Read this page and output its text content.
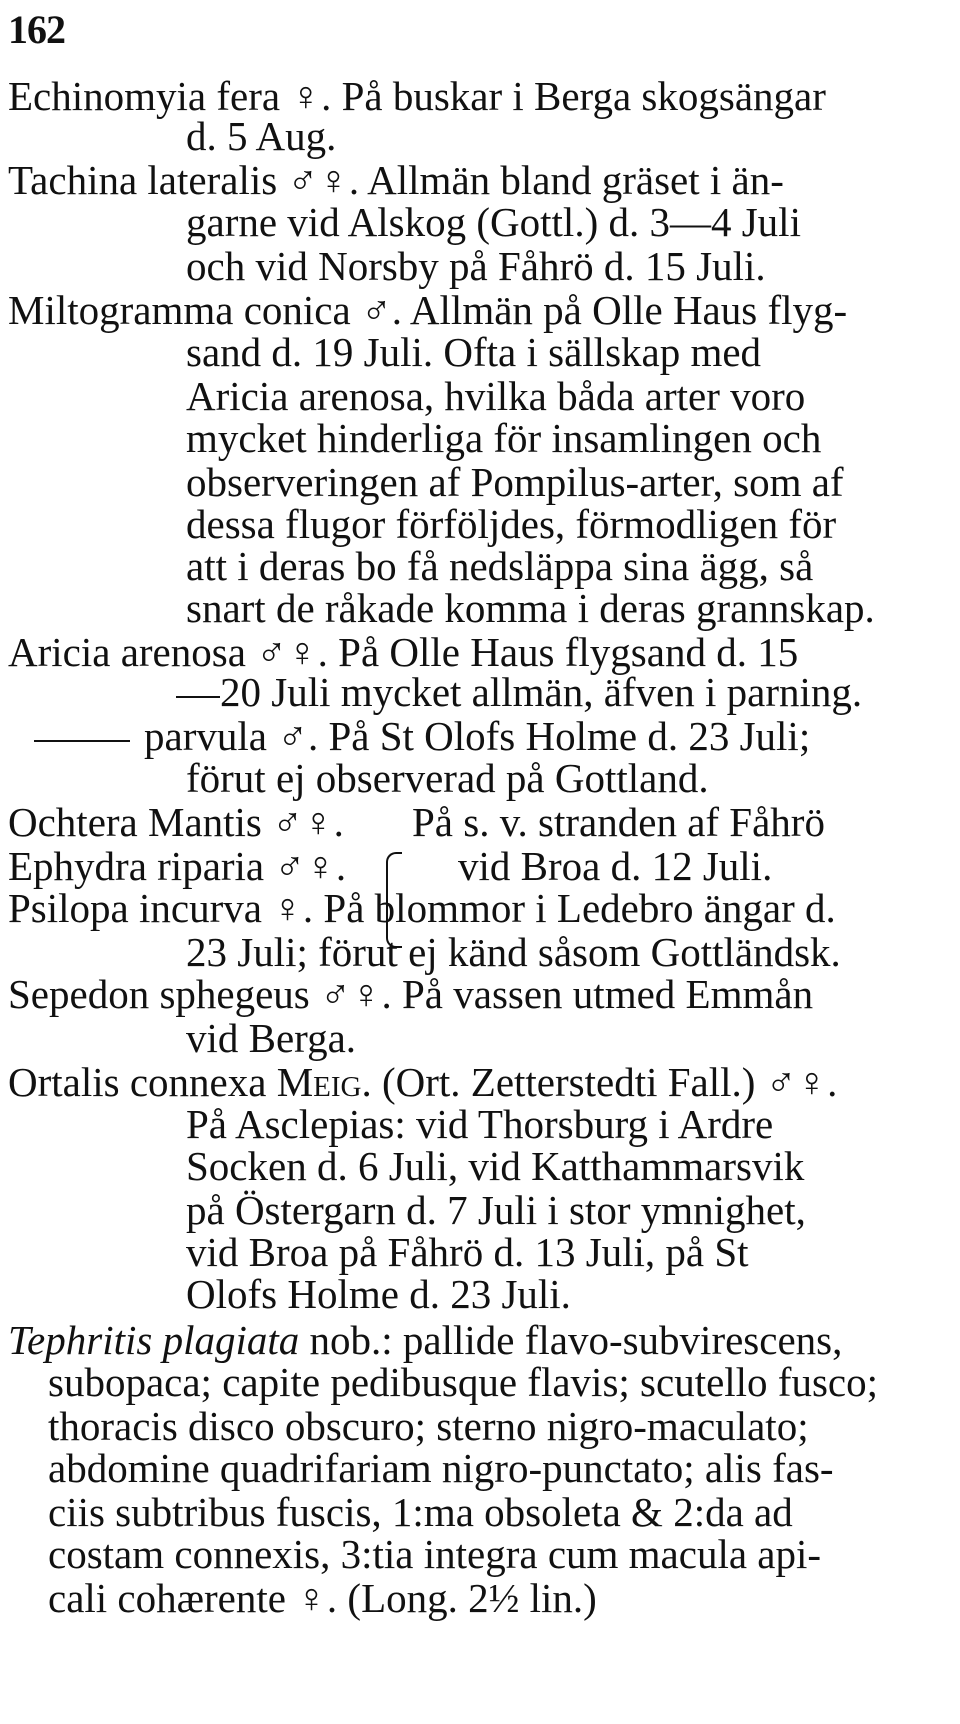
162
Echinomyia fera ♀. På buskar i Berga skogsängar
d. 5 Aug.
Tachina lateralis ♂♀. Allmän bland gräset i än-
garne vid Alskog (Gottl.) d. 3—4 Juli
och vid Norsby på Fåhrö d. 15 Juli.
Miltogramma conica ♂. Allmän på Olle Haus flyg-
sand d. 19 Juli. Ofta i sällskap med
Aricia arenosa, hvilka båda arter voro
mycket hinderliga för insamlingen och
observeringen af Pompilus-arter, som af
dessa flugor förföljdes, förmodligen för
att i deras bo få nedsläppa sina ägg, så
snart de råkade komma i deras grannskap.
Aricia arenosa ♂♀. På Olle Haus flygsand d. 15
20 Juli mycket allmän, äfven i parning.
parvula ♂. På St Olofs Holme d. 23 Juli;
förut ej observerad på Gottland.
Ochtera Mantis ♂♀. På s. v. stranden af Fåhrö
Ephydra riparia ♂♀.	vid Broa d. 12 Juli.
Psilopa incurva ♀. På blommor i Ledebro ängar d.
23 Juli; förut ej känd såsom Gottländsk.
Sepedon sphegeus ♂♀. På vassen utmed Emmån
vid Berga.
Ortalis connexa Meig. (Ort. Zetterstedti Fall.) ♂♀.
På Asclepias: vid Thorsburg i Ardre
Socken d. 6 Juli, vid Katthammarsvik
på Östergarn d. 7 Juli i stor ymnighet,
vid Broa på Fåhrö d. 13 Juli, på St
Olofs Holme d. 23 Juli.
Tephritis plagiata nob.: pallide flavo-subvirescens,
subopaca; capite pedibusque flavis; scutello fusco;
thoracis disco obscuro; sterno nigro-maculato;
abdomine quadrifariam nigro-punctato; alis fas-
ciis subtribus fuscis, 1:ma obsoleta & 2:da ad
costam connexis, 3:tia integra cum macula api-
cali cohærente ♀. (Long. 2½ lin.)
